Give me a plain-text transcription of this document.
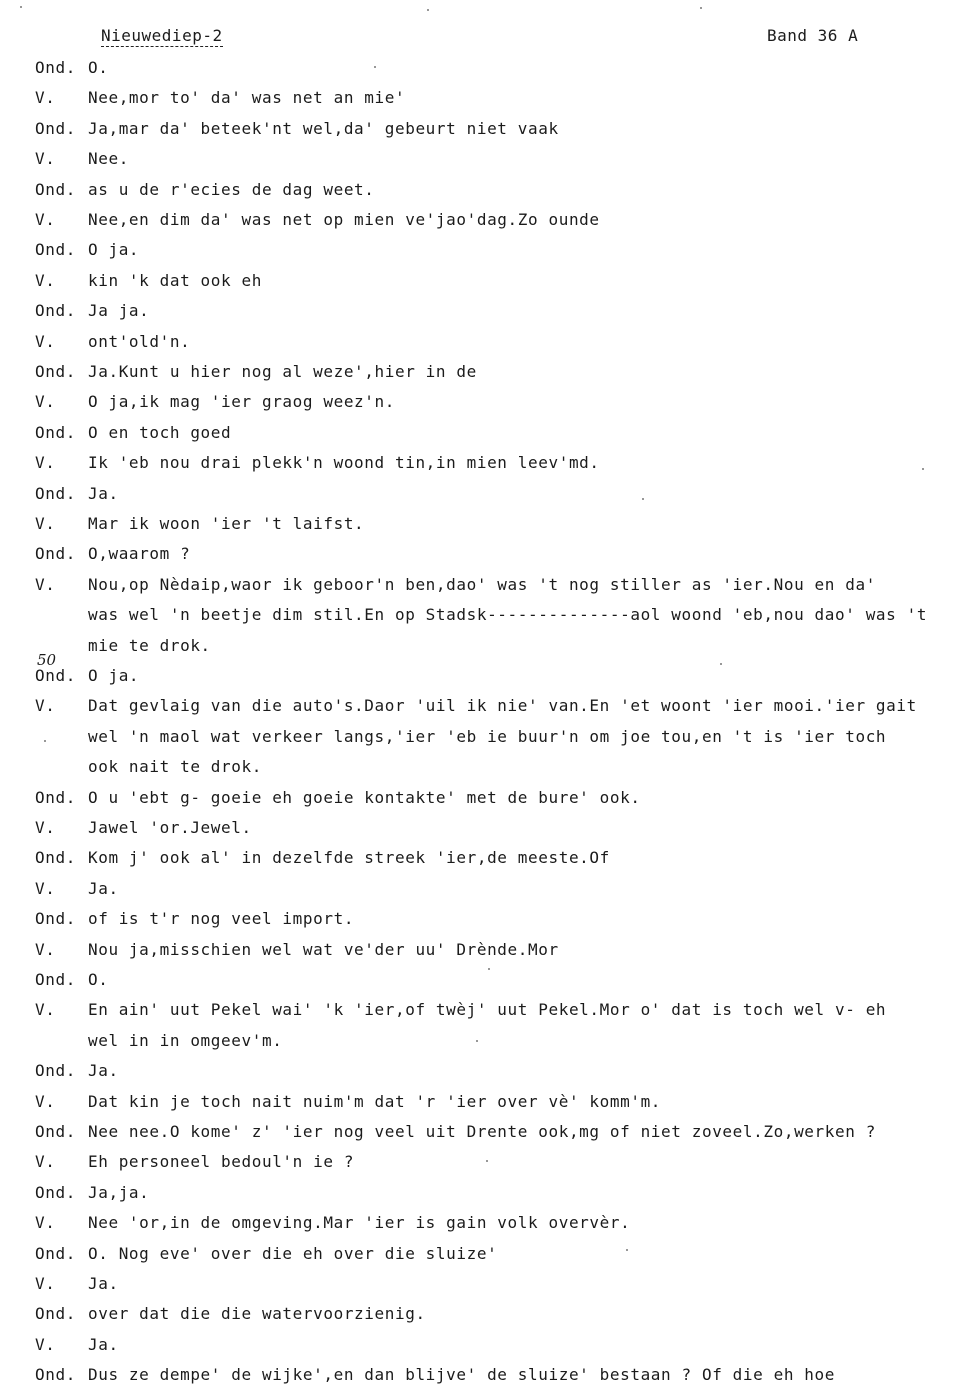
Nieuwediep-2	Band 36 A
50
Ond. O.
V. Nee,mor to' da' was net an mie'
Ond. Ja,mar da' beteek'nt wel,da' gebeurt niet vaak
V. Nee.
Ond. as u de r'ecies de dag weet.
V. Nee,en dim da' was net op mien ve'jao'dag.Zo ounde
Ond. O ja.
V. kin 'k dat ook eh
Ond. Ja ja.
V. ont'old'n.
Ond. Ja.Kunt u hier nog al weze',hier in de
V. O ja,ik mag 'ier graog weez'n.
Ond. O en toch goed
V. Ik 'eb nou drai plekk'n woond tin,in mien leev'md.
Ond. Ja.
V. Mar ik woon 'ier 't laifst.
Ond. O,waarom ?
V. Nou,op Nèdaip,waor ik geboor'n ben,dao' was 't nog stiller as 'ier.Nou en da'
was wel 'n beetje dim stil.En op Stadsk--------------aol woond 'eb,nou dao' was 't
mie te drok.
Ond. O ja.
V. Dat gevlaig van die auto's.Daor 'uil ik nie' van.En 'et woont 'ier mooi.'ier gait
wel 'n maol wat verkeer langs,'ier 'eb ie buur'n om joe tou,en 't is 'ier toch
ook nait te drok.
Ond. O u 'ebt g- goeie eh goeie kontakte' met de bure' ook.
V. Jawel 'or.Jewel.
Ond. Kom j' ook al' in dezelfde streek 'ier,de meeste.Of
V. Ja.
Ond. of is t'r nog veel import.
V. Nou ja,misschien wel wat ve'der uu' Drènde.Mor
Ond. O.
V. En ain' uut Pekel wai' 'k 'ier,of twèj' uut Pekel.Mor o' dat is toch wel v- eh
wel in in omgeev'm.
Ond. Ja.
V. Dat kin je toch nait nuim'm dat 'r 'ier over vè' komm'm.
Ond. Nee nee.O kome' z' 'ier nog veel uit Drente ook,mg of niet zoveel.Zo,werken ?
V. Eh personeel bedoul'n ie ?
Ond. Ja,ja.
V. Nee 'or,in de omgeving.Mar 'ier is gain volk overvèr.
Ond. O. Nog eve' over die eh over die sluize'
V. Ja.
Ond. over dat die die watervoorzienig.
V. Ja.
Ond. Dus ze dempe' de wijke',en dan blijve' de sluize' bestaan ? Of die eh hoe
